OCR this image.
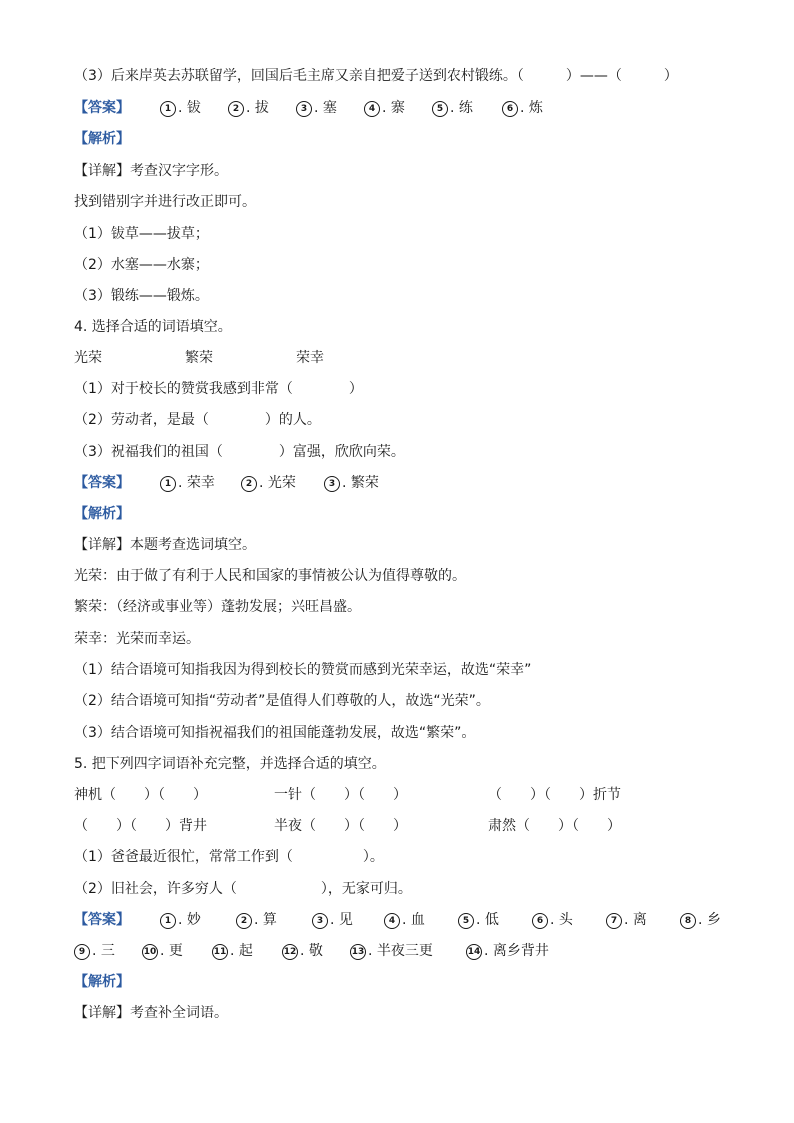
（3）后来岸英去苏联留学，回国后毛主席又亲自把爱子送到农村锻练。（　　　）——（　　　）
【答案】	1 . 钹	2 . 拔	3 . 塞	4 . 寨	5 . 练	6 . 炼
【解析】
【详解】考查汉字字形。
找到错别字并进行改正即可。
（1）钹草——拔草；
（2）水塞——水寨；
（3）锻练——锻炼。
4. 选择合适的词语填空。
光荣	繁荣	荣幸
（1）对于校长的赞赏我感到非常（　　　　）
（2）劳动者，是最（　　　　）的人。
（3）祝福我们的祖国（　　　　）富强，欣欣向荣。
【答案】	1 . 荣幸	2 . 光荣	3 . 繁荣
【解析】
【详解】本题考查选词填空。
光荣：由于做了有利于人民和国家的事情被公认为值得尊敬的。
繁荣：（经济或事业等）蓬勃发展；兴旺昌盛。
荣幸：光荣而幸运。
（1）结合语境可知指我因为得到校长的赞赏而感到光荣幸运，故选“荣幸”
（2）结合语境可知指“劳动者”是值得人们尊敬的人，故选“光荣”。
（3）结合语境可知指祝福我们的祖国能蓬勃发展，故选“繁荣”。
5. 把下列四字词语补充完整，并选择合适的填空。
神机（　　）（　　）	一针（　　）（　　）	（　　）（　　）折节
（　　）（　　）背井	半夜（　　）（　　）	肃然（　　）（　　）
（1）爸爸最近很忙，常常工作到（　　　　　）。
（2）旧社会，许多穷人（　　　　　　），无家可归。
【答案】	1 . 妙	2 . 算	3 . 见	4 . 血	5 . 低	6 . 头	7 . 离	8 . 乡
9 . 三	10 . 更	11 . 起	12 . 敬	13 . 半夜三更	14 . 离乡背井
【解析】
【详解】考查补全词语。
